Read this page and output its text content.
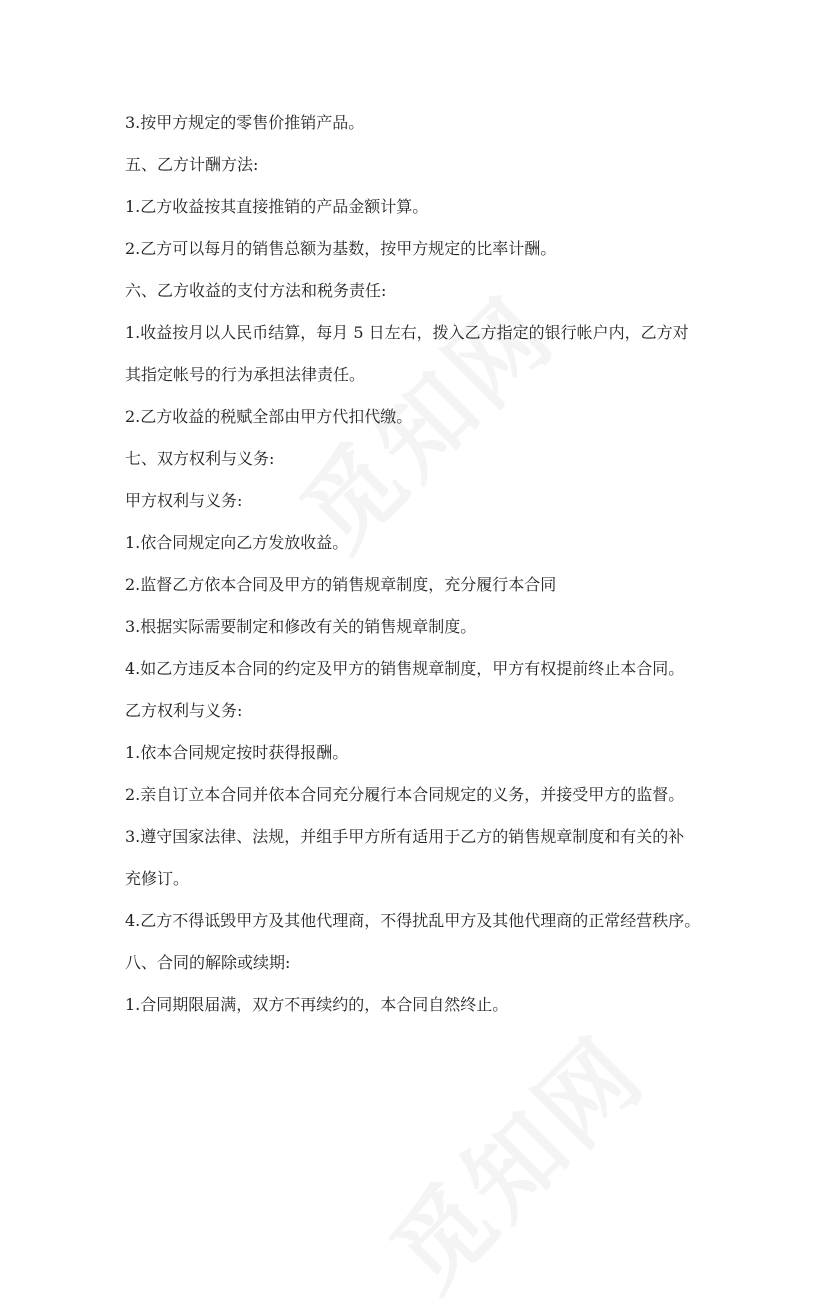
3.按甲方规定的零售价推销产品。
五、乙方计酬方法:
1.乙方收益按其直接推销的产品金额计算。
2.乙方可以每月的销售总额为基数，按甲方规定的比率计酬。
六、乙方收益的支付方法和税务责任:
1.收益按月以人民币结算，每月 5 日左右，拨入乙方指定的银行帐户内，乙方对
其指定帐号的行为承担法律责任。
2.乙方收益的税赋全部由甲方代扣代缴。
七、双方权利与义务:
甲方权利与义务:
1.依合同规定向乙方发放收益。
2.监督乙方依本合同及甲方的销售规章制度，充分履行本合同
3.根据实际需要制定和修改有关的销售规章制度。
4.如乙方违反本合同的约定及甲方的销售规章制度，甲方有权提前终止本合同。
乙方权利与义务:
1.依本合同规定按时获得报酬。
2.亲自订立本合同并依本合同充分履行本合同规定的义务，并接受甲方的监督。
3.遵守国家法律、法规，并组手甲方所有适用于乙方的销售规章制度和有关的补
充修订。
4.乙方不得诋毁甲方及其他代理商，不得扰乱甲方及其他代理商的正常经营秩序。
八、合同的解除或续期:
1.合同期限届满，双方不再续约的，本合同自然终止。
